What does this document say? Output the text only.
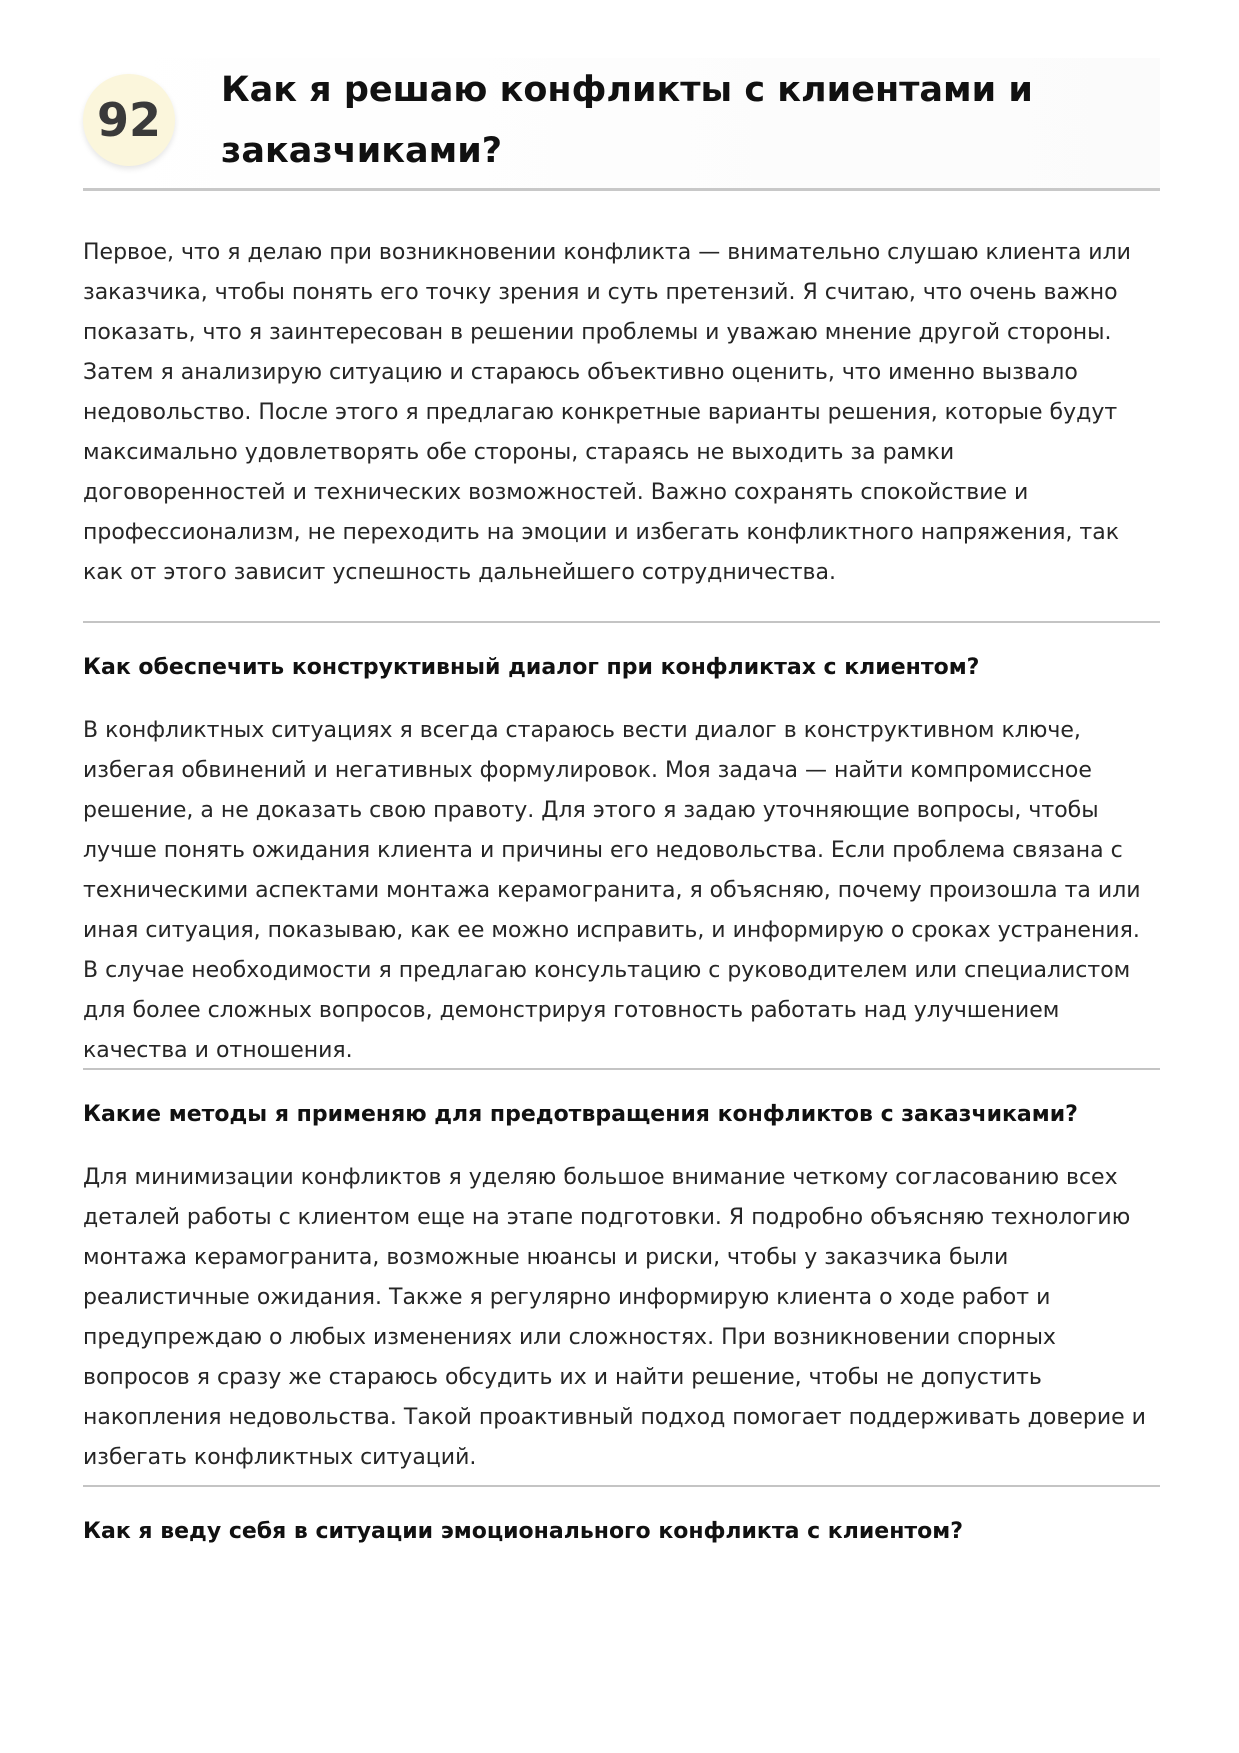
92
Как я решаю конфликты с клиентами и заказчиками?

Первое, что я делаю при возникновении конфликта — внимательно слушаю клиента или заказчика, чтобы понять его точку зрения и суть претензий. Я считаю, что очень важно показать, что я заинтересован в решении проблемы и уважаю мнение другой стороны. Затем я анализирую ситуацию и стараюсь объективно оценить, что именно вызвало недовольство. После этого я предлагаю конкретные варианты решения, которые будут максимально удовлетворять обе стороны, стараясь не выходить за рамки договоренностей и технических возможностей. Важно сохранять спокойствие и профессионализм, не переходить на эмоции и избегать конфликтного напряжения, так как от этого зависит успешность дальнейшего сотрудничества.

Как обеспечить конструктивный диалог при конфликтах с клиентом?

В конфликтных ситуациях я всегда стараюсь вести диалог в конструктивном ключе, избегая обвинений и негативных формулировок. Моя задача — найти компромиссное решение, а не доказать свою правоту. Для этого я задаю уточняющие вопросы, чтобы лучше понять ожидания клиента и причины его недовольства. Если проблема связана с техническими аспектами монтажа керамогранита, я объясняю, почему произошла та или иная ситуация, показываю, как ее можно исправить, и информирую о сроках устранения. В случае необходимости я предлагаю консультацию с руководителем или специалистом для более сложных вопросов, демонстрируя готовность работать над улучшением качества и отношения.

Какие методы я применяю для предотвращения конфликтов с заказчиками?

Для минимизации конфликтов я уделяю большое внимание четкому согласованию всех деталей работы с клиентом еще на этапе подготовки. Я подробно объясняю технологию монтажа керамогранита, возможные нюансы и риски, чтобы у заказчика были реалистичные ожидания. Также я регулярно информирую клиента о ходе работ и предупреждаю о любых изменениях или сложностях. При возникновении спорных вопросов я сразу же стараюсь обсудить их и найти решение, чтобы не допустить накопления недовольства. Такой проактивный подход помогает поддерживать доверие и избегать конфликтных ситуаций.

Как я веду себя в ситуации эмоционального конфликта с клиентом?
